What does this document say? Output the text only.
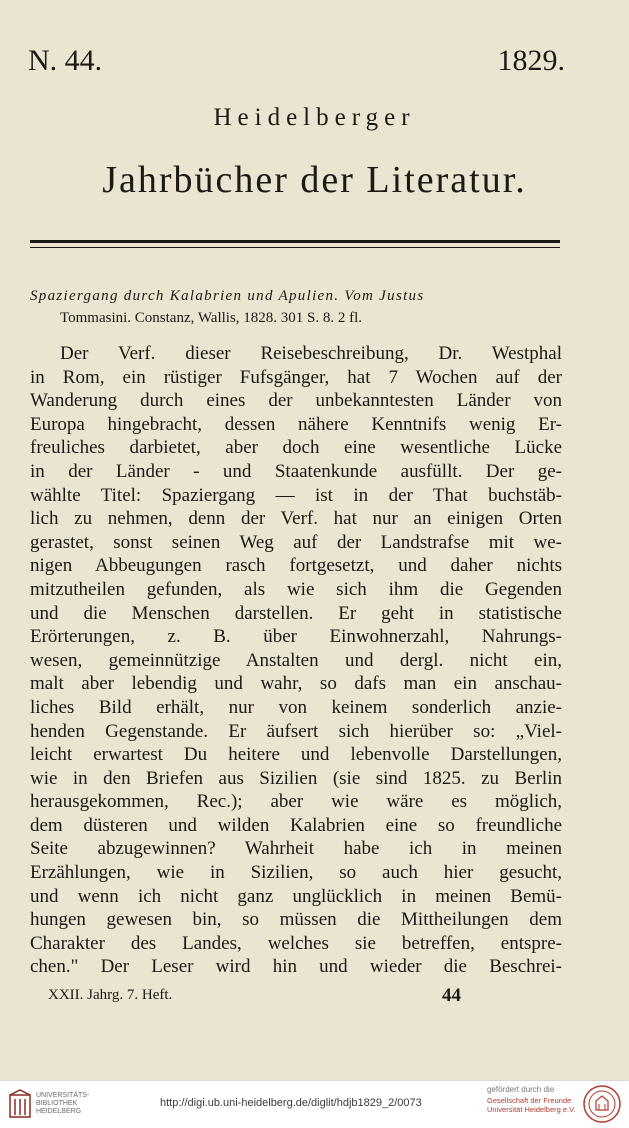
N. 44.	1829.
Heidelberger
Jahrbücher der Literatur.
Spaziergang durch Kalabrien und Apulien. Vom Justus
Tommasini. Constanz, Wallis, 1828. 301 S. 8. 2 fl.
Der Verf. dieser Reisebeschreibung, Dr. Westphal
in Rom, ein rüstiger Fufsgänger, hat 7 Wochen auf der
Wanderung durch eines der unbekanntesten Länder von
Europa hingebracht, dessen nähere Kenntnifs wenig Er-
freuliches darbietet, aber doch eine wesentliche Lücke
in der Länder - und Staatenkunde ausfüllt. Der ge-
wählte Titel: Spaziergang — ist in der That buchstäb-
lich zu nehmen, denn der Verf. hat nur an einigen Orten
gerastet, sonst seinen Weg auf der Landstrafse mit we-
nigen Abbeugungen rasch fortgesetzt, und daher nichts
mitzutheilen gefunden, als wie sich ihm die Gegenden
und die Menschen darstellen. Er geht in statistische
Erörterungen, z. B. über Einwohnerzahl, Nahrungs-
wesen, gemeinnützige Anstalten und dergl. nicht ein,
malt aber lebendig und wahr, so dafs man ein anschau-
liches Bild erhält, nur von keinem sonderlich anzie-
henden Gegenstande. Er äufsert sich hierüber so: „Viel-
leicht erwartest Du heitere und lebenvolle Darstellungen,
wie in den Briefen aus Sizilien (sie sind 1825. zu Berlin
herausgekommen, Rec.); aber wie wäre es möglich,
dem düsteren und wilden Kalabrien eine so freundliche
Seite abzugewinnen? Wahrheit habe ich in meinen
Erzählungen, wie in Sizilien, so auch hier gesucht,
und wenn ich nicht ganz unglücklich in meinen Bemü-
hungen gewesen bin, so müssen die Mittheilungen dem
Charakter des Landes, welches sie betreffen, entspre-
chen." Der Leser wird hin und wieder die Beschrei-
XXII. Jahrg. 7. Heft.	44
UNIVERSITÄTS-
BIBLIOTHEK
HEIDELBERG
http://digi.ub.uni-heidelberg.de/diglit/hdjb1829_2/0073
gefördert durch die
Gesellschaft der Freunde
Universität Heidelberg e.V.
